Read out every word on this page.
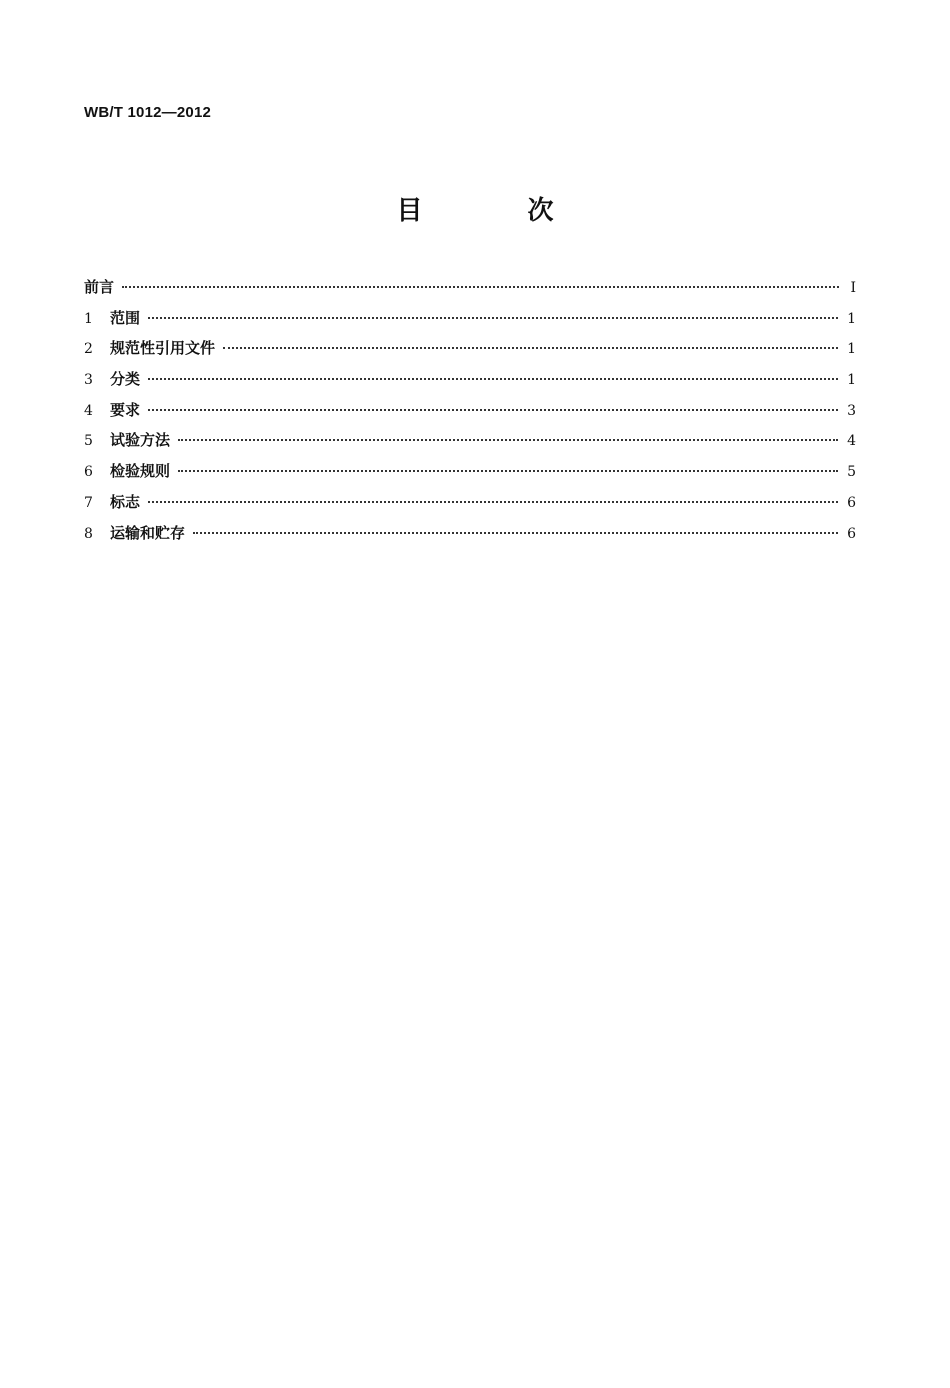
WB/T 1012—2012
目 次
前言	Ⅰ
1	范围	1
2	规范性引用文件	1
3	分类	1
4	要求	3
5	试验方法	4
6	检验规则	5
7	标志	6
8	运输和贮存	6
